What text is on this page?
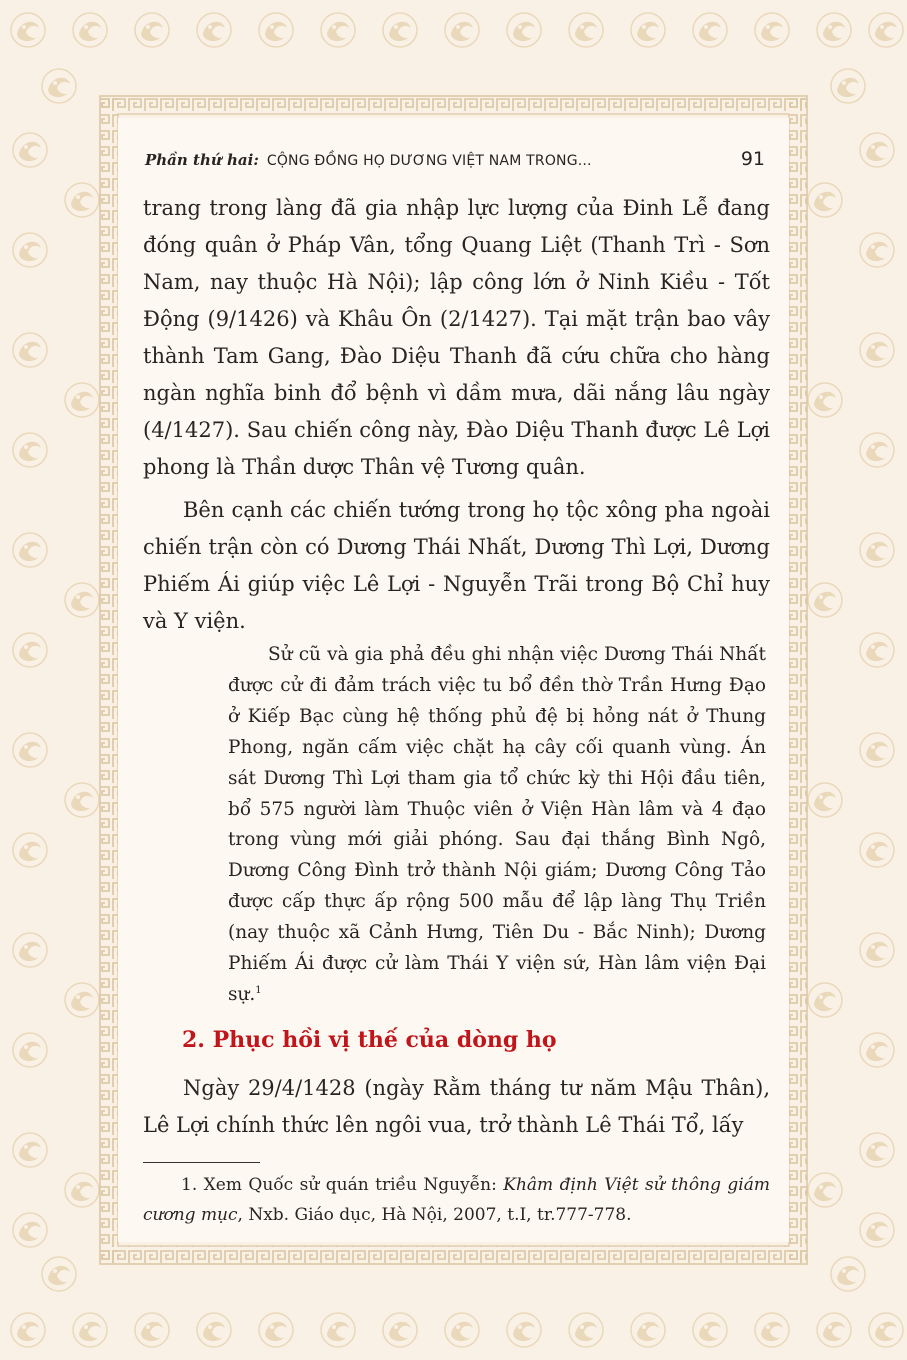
Phần thứ hai: CỘNG ĐỒNG HỌ DƯƠNG VIỆT NAM TRONG...	91

trang trong làng đã gia nhập lực lượng của Đinh Lễ đang đóng quân ở Pháp Vân, tổng Quang Liệt (Thanh Trì - Sơn Nam, nay thuộc Hà Nội); lập công lớn ở Ninh Kiều - Tốt Động (9/1426) và Khâu Ôn (2/1427). Tại mặt trận bao vây thành Tam Gang, Đào Diệu Thanh đã cứu chữa cho hàng ngàn nghĩa binh đổ bệnh vì dầm mưa, dãi nắng lâu ngày (4/1427). Sau chiến công này, Đào Diệu Thanh được Lê Lợi phong là Thần dược Thân vệ Tương quân.

Bên cạnh các chiến tướng trong họ tộc xông pha ngoài chiến trận còn có Dương Thái Nhất, Dương Thì Lợi, Dương Phiếm Ái giúp việc Lê Lợi - Nguyễn Trãi trong Bộ Chỉ huy và Y viện.

Sử cũ và gia phả đều ghi nhận việc Dương Thái Nhất được cử đi đảm trách việc tu bổ đền thờ Trần Hưng Đạo ở Kiếp Bạc cùng hệ thống phủ đệ bị hỏng nát ở Thung Phong, ngăn cấm việc chặt hạ cây cối quanh vùng. Án sát Dương Thì Lợi tham gia tổ chức kỳ thi Hội đầu tiên, bổ 575 người làm Thuộc viên ở Viện Hàn lâm và 4 đạo trong vùng mới giải phóng. Sau đại thắng Bình Ngô, Dương Công Đình trở thành Nội giám; Dương Công Tảo được cấp thực ấp rộng 500 mẫu để lập làng Thụ Triền (nay thuộc xã Cảnh Hưng, Tiên Du - Bắc Ninh); Dương Phiếm Ái được cử làm Thái Y viện sứ, Hàn lâm viện Đại sự.$^1$
2. Phục hồi vị thế của dòng họ

Ngày 29/4/1428 (ngày Rằm tháng tư năm Mậu Thân), Lê Lợi chính thức lên ngôi vua, trở thành Lê Thái Tổ, lấy

1. Xem Quốc sử quán triều Nguyễn: Khâm định Việt sử thông giám cương mục, Nxb. Giáo dục, Hà Nội, 2007, t.I, tr.777-778.
